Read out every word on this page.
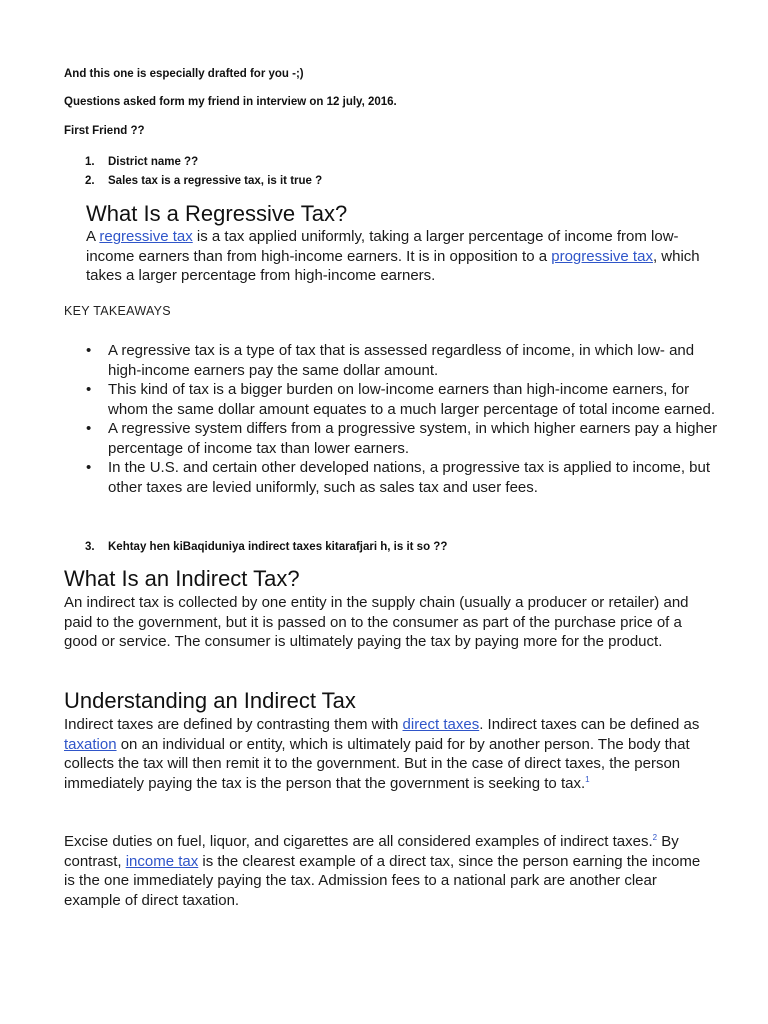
And this one is especially drafted for you -;)

Questions asked form my friend in interview on 12 july, 2016.

First Friend ??

1. District name ??
2. Sales tax is a regressive tax, is it true ?
What Is a Regressive Tax?

A regressive tax is a tax applied uniformly, taking a larger percentage of income from low-income earners than from high-income earners. It is in opposition to a progressive tax, which takes a larger percentage from high-income earners.

KEY TAKEAWAYS

• A regressive tax is a type of tax that is assessed regardless of income, in which low- and high-income earners pay the same dollar amount.
• This kind of tax is a bigger burden on low-income earners than high-income earners, for whom the same dollar amount equates to a much larger percentage of total income earned.
• A regressive system differs from a progressive system, in which higher earners pay a higher percentage of income tax than lower earners.
• In the U.S. and certain other developed nations, a progressive tax is applied to income, but other taxes are levied uniformly, such as sales tax and user fees.
3. Kehtay hen kiBaqiduniya indirect taxes kitarafjari h, is it so ??
What Is an Indirect Tax?

An indirect tax is collected by one entity in the supply chain (usually a producer or retailer) and paid to the government, but it is passed on to the consumer as part of the purchase price of a good or service. The consumer is ultimately paying the tax by paying more for the product.

Understanding an Indirect Tax

Indirect taxes are defined by contrasting them with direct taxes. Indirect taxes can be defined as taxation on an individual or entity, which is ultimately paid for by another person. The body that collects the tax will then remit it to the government. But in the case of direct taxes, the person immediately paying the tax is the person that the government is seeking to tax.$^1$

Excise duties on fuel, liquor, and cigarettes are all considered examples of indirect taxes.$^2$ By contrast, income tax is the clearest example of a direct tax, since the person earning the income is the one immediately paying the tax. Admission fees to a national park are another clear example of direct taxation.
